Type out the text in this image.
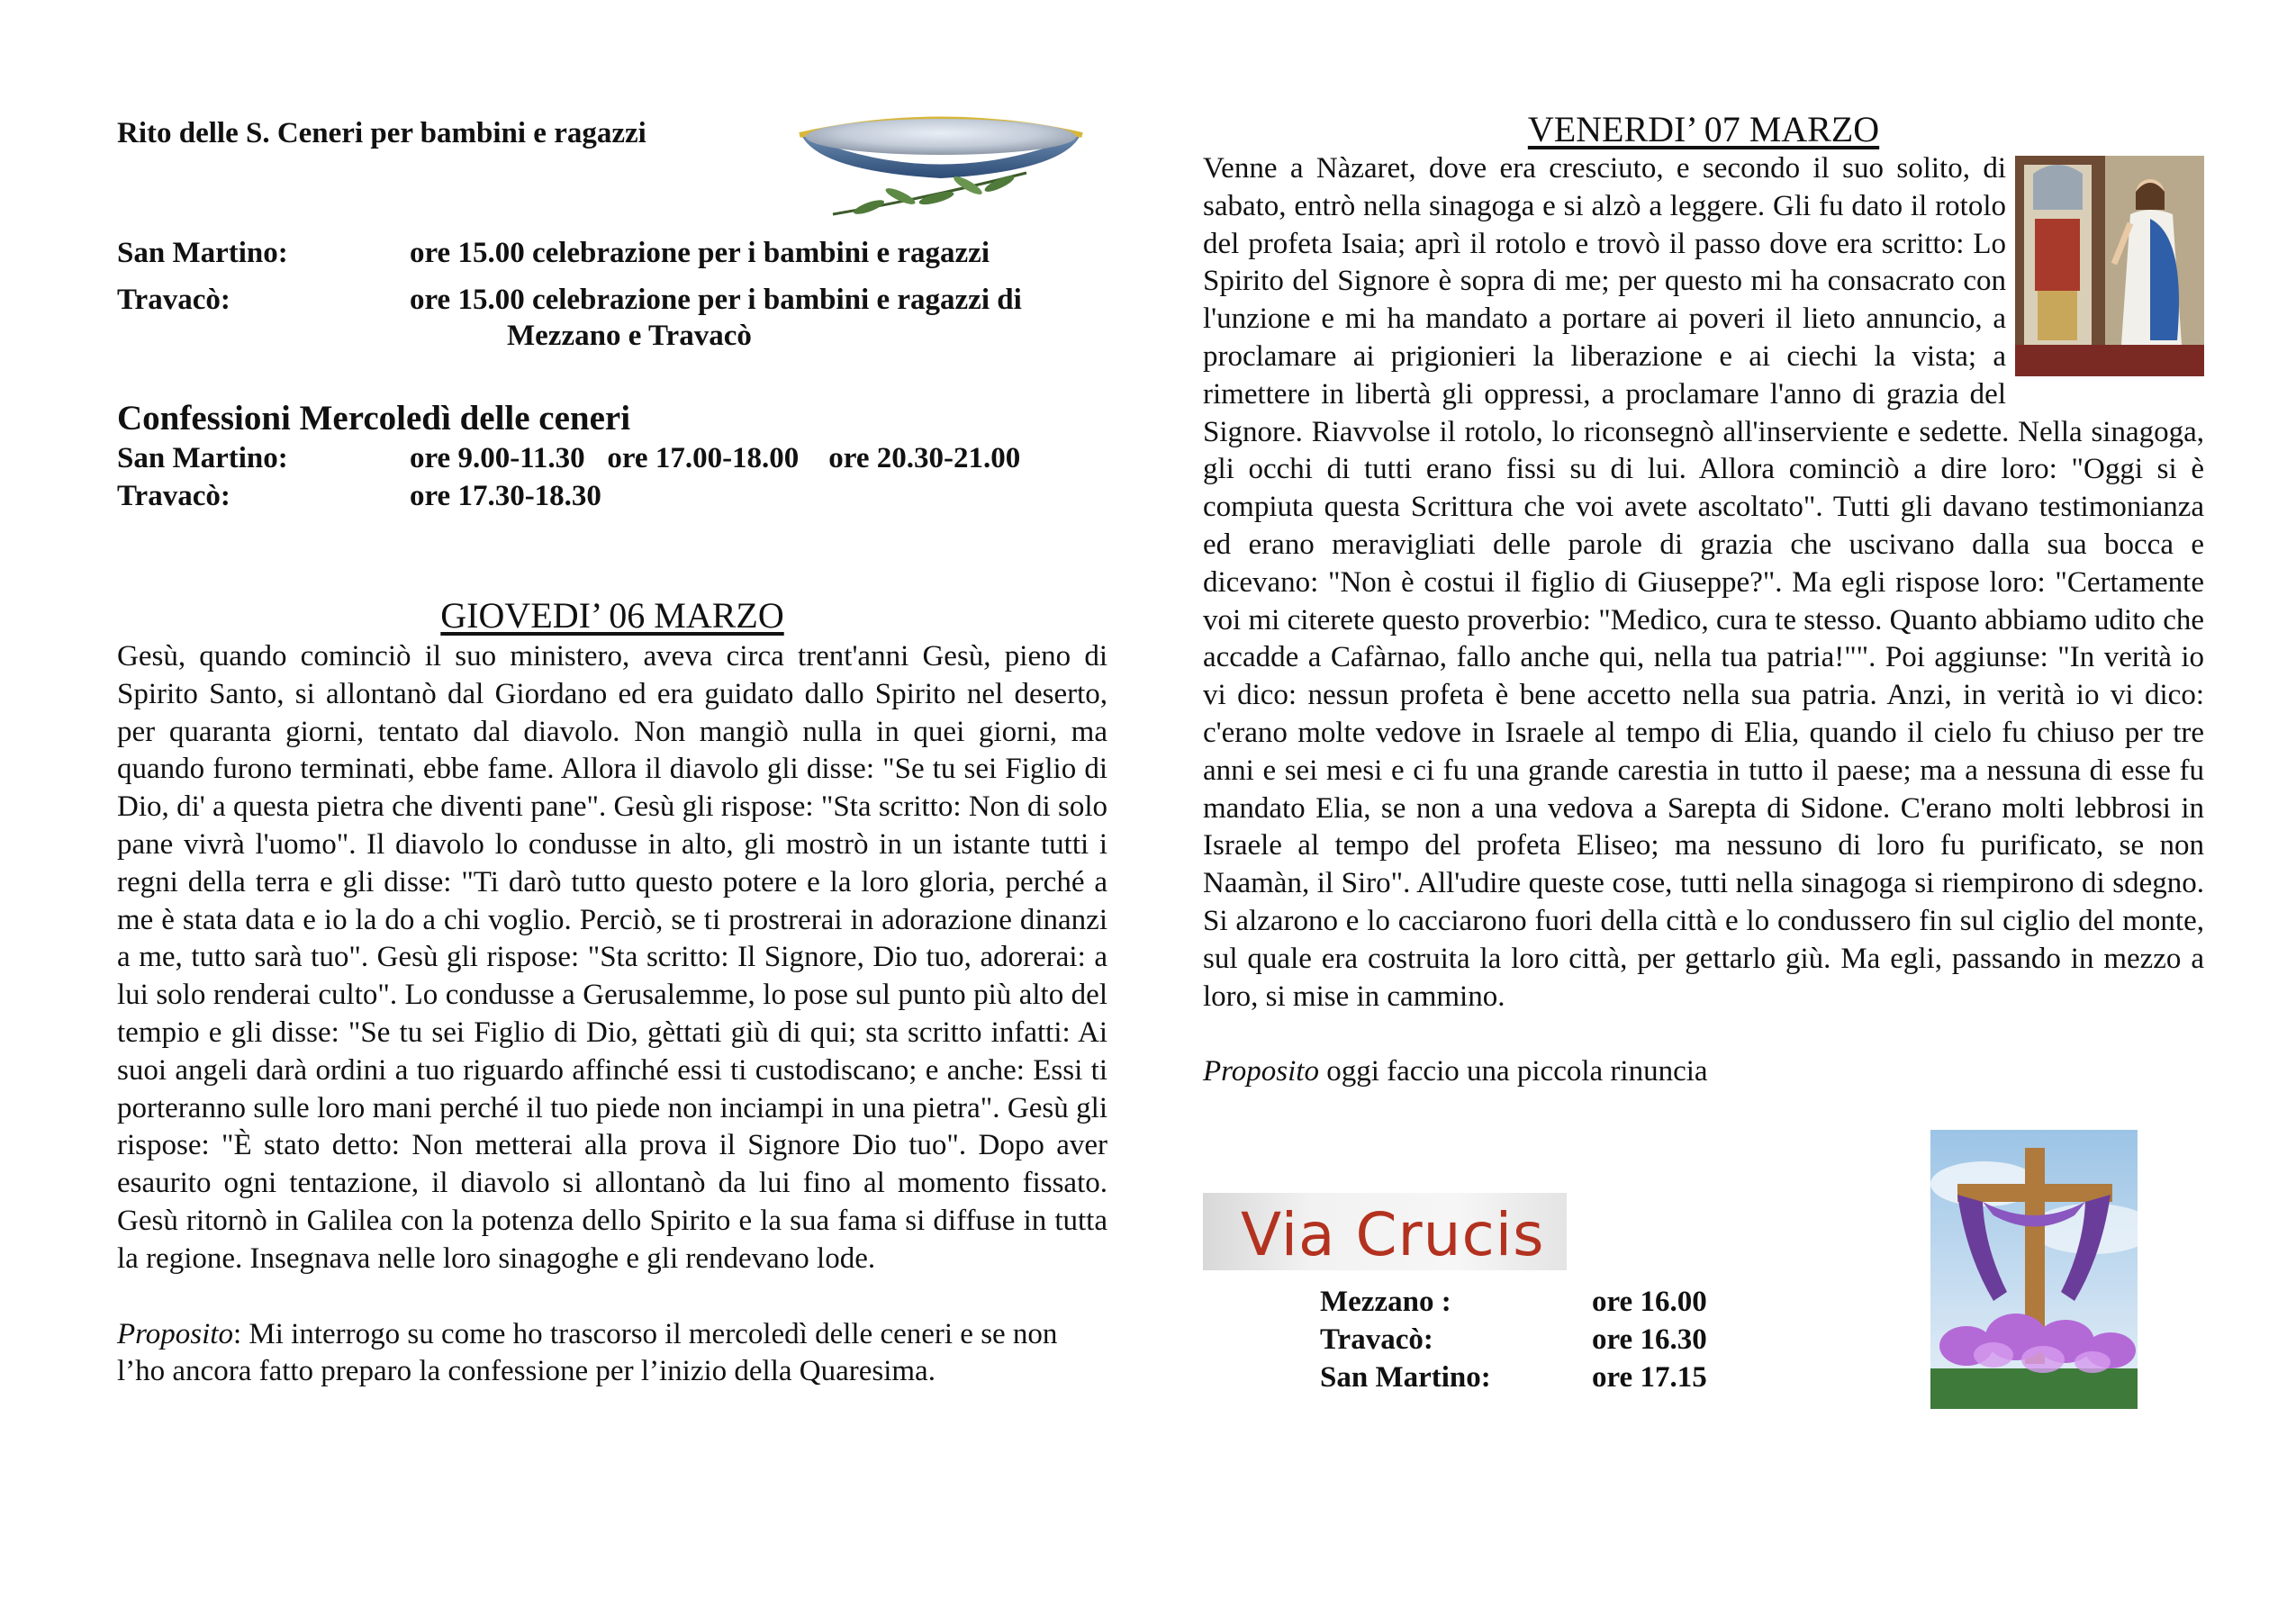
Rito delle S. Ceneri per bambini e ragazzi
San Martino:	ore 15.00 celebrazione per i bambini e ragazzi
Travacò:	ore 15.00 celebrazione per i bambini e ragazzi di
Mezzano e Travacò
Confessioni Mercoledì delle ceneri
San Martino:	ore 9.00-11.30   ore 17.00-18.00    ore 20.30-21.00
Travacò:	ore 17.30-18.30
GIOVEDI’ 06 MARZO

Gesù, quando cominciò il suo ministero, aveva circa trent'anni Gesù, pieno di Spirito Santo, si allontanò dal Giordano ed era guidato dallo Spirito nel deserto, per quaranta giorni, tentato dal diavolo. Non mangiò nulla in quei giorni, ma quando furono terminati, ebbe fame. Allora il diavolo gli disse: "Se tu sei Figlio di Dio, di' a questa pietra che diventi pane". Gesù gli rispose: "Sta scritto: Non di solo pane vivrà l'uomo". Il diavolo lo condusse in alto, gli mostrò in un istante tutti i regni della terra e gli disse: "Ti darò tutto questo potere e la loro gloria, perché a me è stata data e io la do a chi voglio. Perciò, se ti prostrerai in adorazione dinanzi a me, tutto sarà tuo". Gesù gli rispose: "Sta scritto: Il Signore, Dio tuo, adorerai: a lui solo renderai culto". Lo condusse a Gerusalemme, lo pose sul punto più alto del tempio e gli disse: "Se tu sei Figlio di Dio, gèttati giù di qui; sta scritto infatti: Ai suoi angeli darà ordini a tuo riguardo affinché essi ti custodiscano; e anche: Essi ti porteranno sulle loro mani perché il tuo piede non inciampi in una pietra". Gesù gli rispose: "È stato detto: Non metterai alla prova il Signore Dio tuo". Dopo aver esaurito ogni tentazione, il diavolo si allontanò da lui fino al momento fissato. Gesù ritornò in Galilea con la potenza dello Spirito e la sua fama si diffuse in tutta la regione. Insegnava nelle loro sinagoghe e gli rendevano lode.

Proposito: Mi interrogo su come ho trascorso il mercoledì delle ceneri e se non l’ho ancora fatto preparo la confessione per l’inizio della Quaresima.

VENERDI’ 07 MARZO

Venne a Nàzaret, dove era cresciuto, e secondo il suo solito, di sabato, entrò nella sinagoga e si alzò a leggere. Gli fu dato il rotolo del profeta Isaia; aprì il rotolo e trovò il passo dove era scritto: Lo Spirito del Signore è sopra di me; per questo mi ha consacrato con l'unzione e mi ha mandato a portare ai poveri il lieto annuncio, a proclamare ai prigionieri la liberazione e ai ciechi la vista; a rimettere in libertà gli oppressi, a proclamare l'anno di grazia del Signore. Riavvolse il rotolo, lo riconsegnò all'inserviente e sedette. Nella sinagoga, gli occhi di tutti erano fissi su di lui. Allora cominciò a dire loro: "Oggi si è compiuta questa Scrittura che voi avete ascoltato". Tutti gli davano testimonianza ed erano meravigliati delle parole di grazia che uscivano dalla sua bocca e dicevano: "Non è costui il figlio di Giuseppe?". Ma egli rispose loro: "Certamente voi mi citerete questo proverbio: "Medico, cura te stesso. Quanto abbiamo udito che accadde a Cafàrnao, fallo anche qui, nella tua patria!"". Poi aggiunse: "In verità io vi dico: nessun profeta è bene accetto nella sua patria. Anzi, in verità io vi dico: c'erano molte vedove in Israele al tempo di Elia, quando il cielo fu chiuso per tre anni e sei mesi e ci fu una grande carestia in tutto il paese; ma a nessuna di esse fu mandato Elia, se non a una vedova a Sarepta di Sidone. C'erano molti lebbrosi in Israele al tempo del profeta Eliseo; ma nessuno di loro fu purificato, se non Naamàn, il Siro". All'udire queste cose, tutti nella sinagoga si riempirono di sdegno. Si alzarono e lo cacciarono fuori della città e lo condussero fin sul ciglio del monte, sul quale era costruita la loro città, per gettarlo giù. Ma egli, passando in mezzo a loro, si mise in cammino.

Proposito oggi faccio una piccola rinuncia

Via Crucis
Mezzano :	ore 16.00
Travacò:	ore 16.30
San Martino:	ore 17.15
